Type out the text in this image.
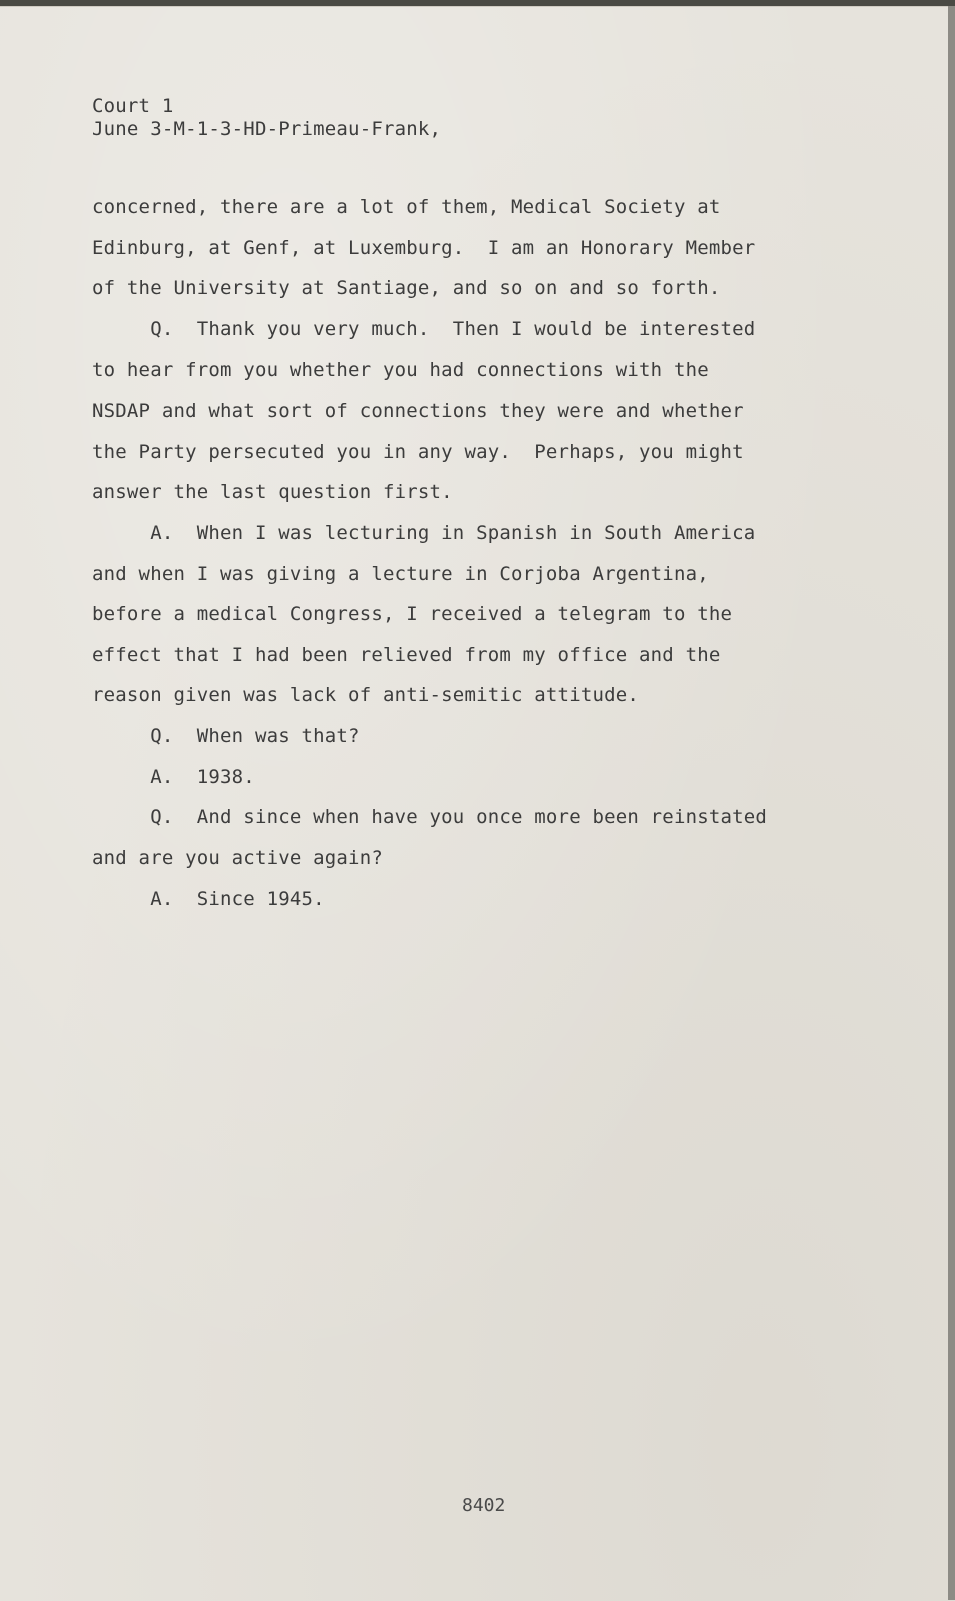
Court 1
June 3-M-1-3-HD-Primeau-Frank,
concerned, there are a lot of them, Medical Society at
Edinburg, at Genf, at Luxemburg.  I am an Honorary Member
of the University at Santiage, and so on and so forth.
Q.  Thank you very much.  Then I would be interested
to hear from you whether you had connections with the
NSDAP and what sort of connections they were and whether
the Party persecuted you in any way.  Perhaps, you might
answer the last question first.
A.  When I was lecturing in Spanish in South America
and when I was giving a lecture in Corjoba Argentina,
before a medical Congress, I received a telegram to the
effect that I had been relieved from my office and the
reason given was lack of anti-semitic attitude.
Q.  When was that?
A.  1938.
Q.  And since when have you once more been reinstated
and are you active again?
A.  Since 1945.
8402
